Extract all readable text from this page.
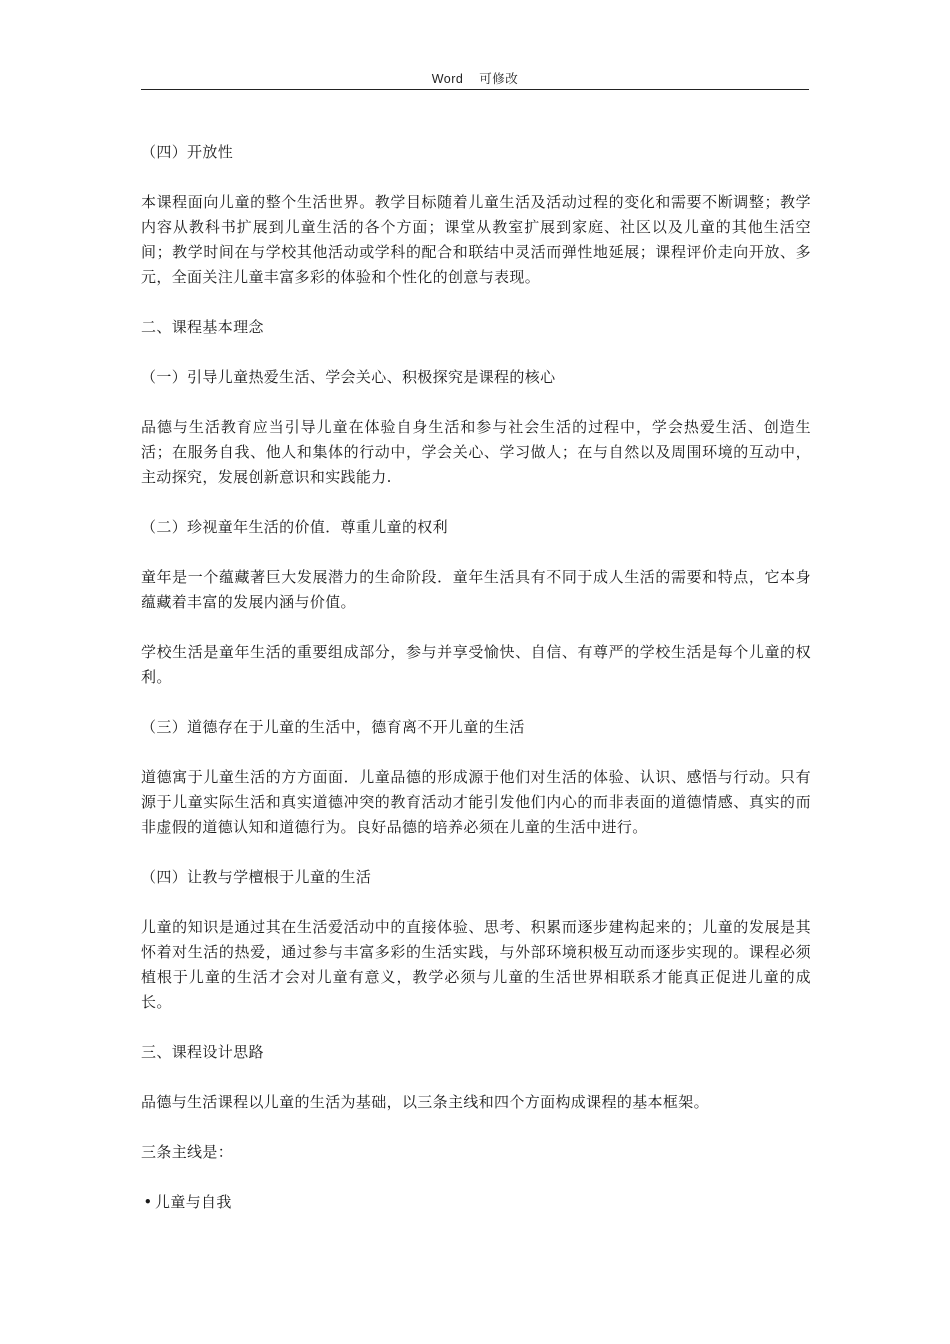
Word    可修改

（四）开放性

本课程面向儿童的整个生活世界。教学目标随着儿童生活及活动过程的变化和需要不断调整；教学内容从教科书扩展到儿童生活的各个方面；课堂从教室扩展到家庭、社区以及儿童的其他生活空间；教学时间在与学校其他活动或学科的配合和联结中灵活而弹性地延展；课程评价走向开放、多元，全面关注儿童丰富多彩的体验和个性化的创意与表现。

二、课程基本理念

（一）引导儿童热爱生活、学会关心、积极探究是课程的核心

品德与生活教育应当引导儿童在体验自身生活和参与社会生活的过程中，学会热爱生活、创造生活；在服务自我、他人和集体的行动中，学会关心、学习做人；在与自然以及周围环境的互动中，主动探究，发展创新意识和实践能力.

（二）珍视童年生活的价值．尊重儿童的权利

童年是一个蕴藏著巨大发展潜力的生命阶段．童年生活具有不同于成人生活的需要和特点，它本身蕴藏着丰富的发展内涵与价值。

学校生活是童年生活的重要组成部分，参与并享受愉快、自信、有尊严的学校生活是每个儿童的权利。

（三）道德存在于儿童的生活中，德育离不开儿童的生活

道德寓于儿童生活的方方面面．儿童品德的形成源于他们对生活的体验、认识、感悟与行动。只有源于儿童实际生活和真实道德冲突的教育活动才能引发他们内心的而非表面的道德情感、真实的而非虚假的道德认知和道德行为。良好品德的培养必须在儿童的生活中进行。

（四）让教与学檀根于儿童的生活

儿童的知识是通过其在生活爱活动中的直接体验、思考、积累而逐步建构起来的；儿童的发展是其怀着对生活的热爱，通过参与丰富多彩的生活实践，与外部环境积极互动而逐步实现的。课程必须植根于儿童的生活才会对儿童有意义，教学必须与儿童的生活世界相联系才能真正促进儿童的成长。

三、课程设计思路

品德与生活课程以儿童的生活为基础，以三条主线和四个方面构成课程的基本框架。

三条主线是：

• 儿童与自我
